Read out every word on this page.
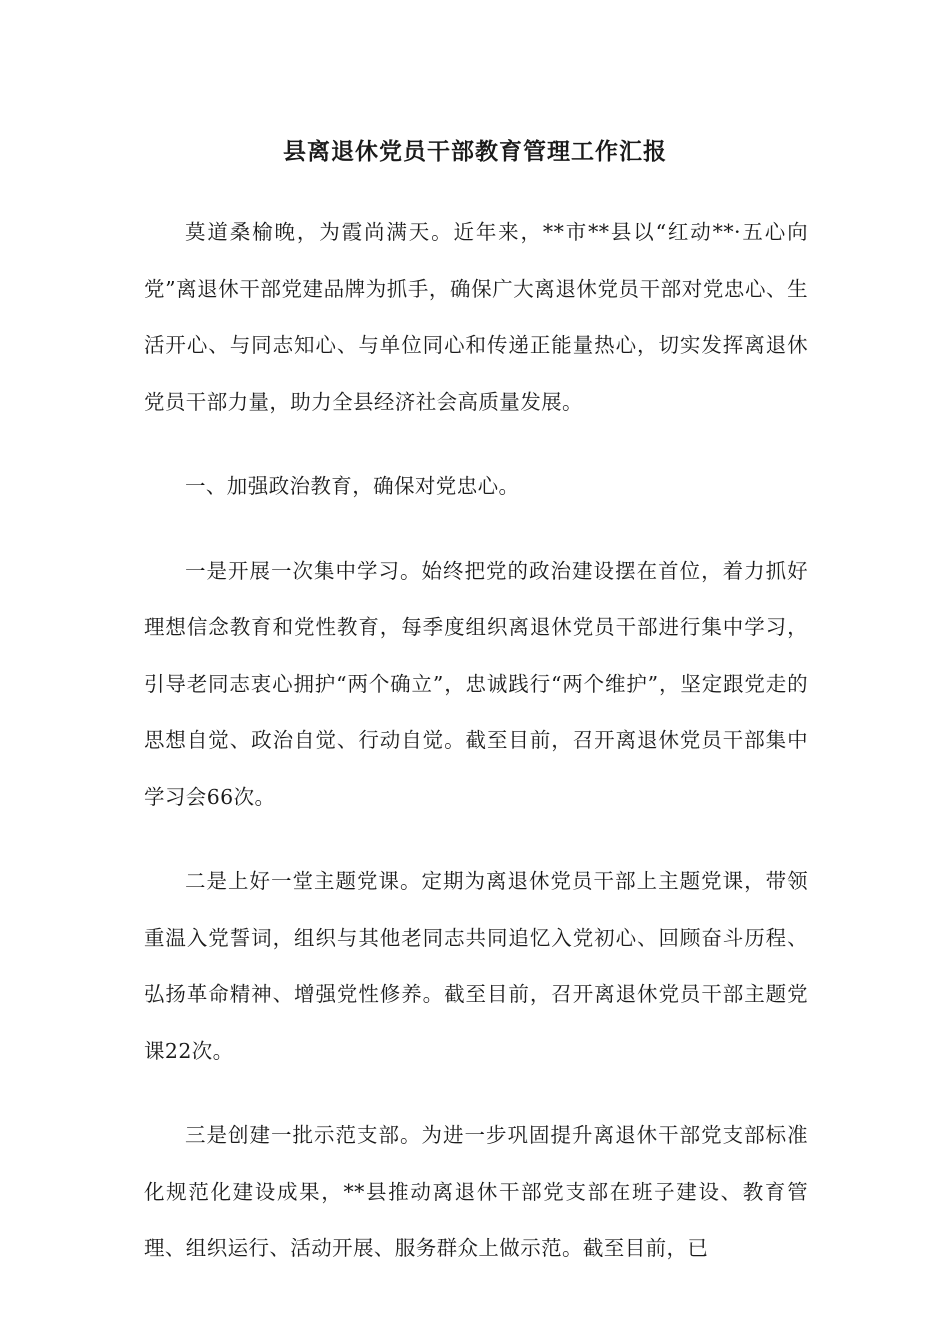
县离退休党员干部教育管理工作汇报

莫道桑榆晚，为霞尚满天。近年来，**市**县以“红动**·五心向党”离退休干部党建品牌为抓手，确保广大离退休党员干部对党忠心、生活开心、与同志知心、与单位同心和传递正能量热心，切实发挥离退休党员干部力量，助力全县经济社会高质量发展。

一、加强政治教育，确保对党忠心。

一是开展一次集中学习。始终把党的政治建设摆在首位，着力抓好理想信念教育和党性教育，每季度组织离退休党员干部进行集中学习，引导老同志衷心拥护“两个确立”，忠诚践行“两个维护”，坚定跟党走的思想自觉、政治自觉、行动自觉。截至目前，召开离退休党员干部集中学习会66次。

二是上好一堂主题党课。定期为离退休党员干部上主题党课，带领重温入党誓词，组织与其他老同志共同追忆入党初心、回顾奋斗历程、弘扬革命精神、增强党性修养。截至目前，召开离退休党员干部主题党课22次。

三是创建一批示范支部。为进一步巩固提升离退休干部党支部标准化规范化建设成果，**县推动离退休干部党支部在班子建设、教育管理、组织运行、活动开展、服务群众上做示范。截至目前，已
